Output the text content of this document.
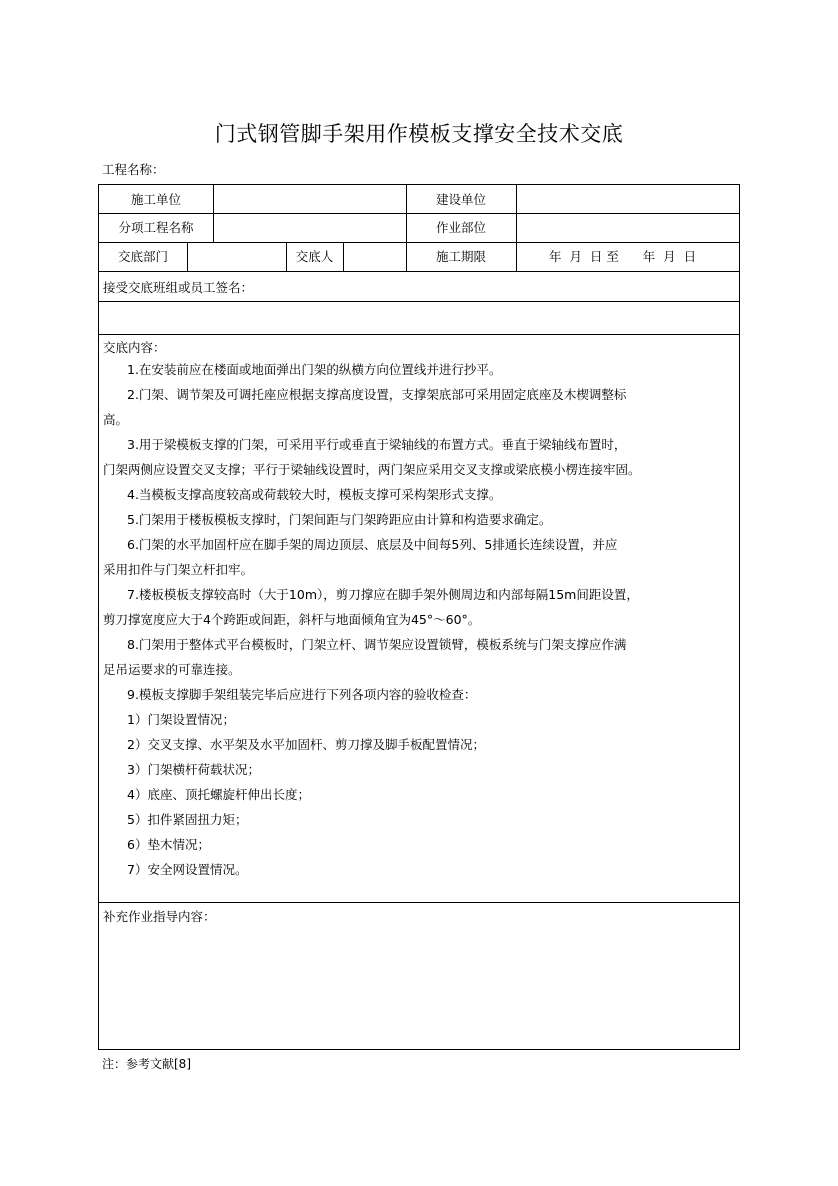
门式钢管脚手架用作模板支撑安全技术交底
工程名称：
施工单位	建设单位
分项工程名称	作业部位
交底部门	交底人	施工期限	年  月  日 至      年  月  日
接受交底班组或员工签名：
交底内容：
1.在安装前应在楼面或地面弹出门架的纵横方向位置线并进行抄平。
2.门架、调节架及可调托座应根据支撑高度设置，支撑架底部可采用固定底座及木楔调整标
高。
3.用于梁模板支撑的门架，可采用平行或垂直于梁轴线的布置方式。垂直于梁轴线布置时，
门架两侧应设置交叉支撑；平行于梁轴线设置时，两门架应采用交叉支撑或梁底模小楞连接牢固。
4.当模板支撑高度较高或荷载较大时，模板支撑可采构架形式支撑。
5.门架用于楼板模板支撑时，门架间距与门架跨距应由计算和构造要求确定。
6.门架的水平加固杆应在脚手架的周边顶层、底层及中间每5列、5排通长连续设置，并应
采用扣件与门架立杆扣牢。
7.楼板模板支撑较高时（大于10m），剪刀撑应在脚手架外侧周边和内部每隔15m间距设置，
剪刀撑宽度应大于4个跨距或间距，斜杆与地面倾角宜为45°～60°。
8.门架用于整体式平台模板时，门架立杆、调节架应设置锁臂，模板系统与门架支撑应作满
足吊运要求的可靠连接。
9.模板支撑脚手架组装完毕后应进行下列各项内容的验收检查：
1）门架设置情况；
2）交叉支撑、水平架及水平加固杆、剪刀撑及脚手板配置情况；
3）门架横杆荷载状况；
4）底座、顶托螺旋杆伸出长度；
5）扣件紧固扭力矩；
6）垫木情况；
7）安全网设置情况。
补充作业指导内容：
注：参考文献[8]
